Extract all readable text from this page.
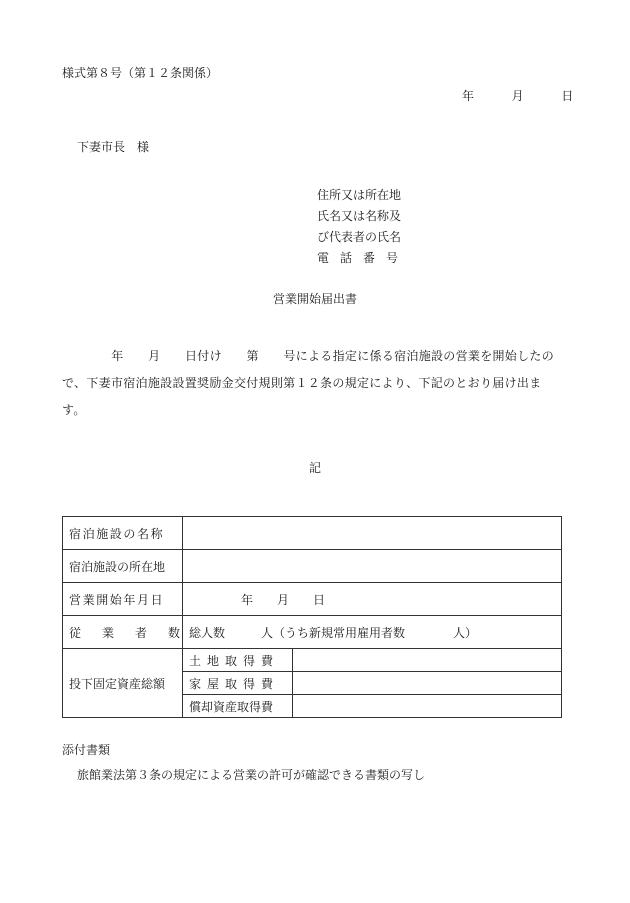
様式第８号（第１２条関係）
年	月	日
下妻市長　様
住所又は所在地
氏名又は名称及
び代表者の氏名
電 話 番 号
営業開始届出書
　　　　年　　月　　日付け　　第　　号による指定に係る宿泊施設の営業を開始したので、下妻市宿泊施設設置奨励金交付規則第１２条の規定により、下記のとおり届け出ます。
記
宿泊施設の名称		
宿泊施設の所在地		
営業開始年月日	年　　月　　日	
従業者数	総人数　　　人（うち新規常用雇用者数　　　　人）	
投下固定資産総額	土地取得費	
	家屋取得費	
	償却資産取得費	
添付書類
旅館業法第３条の規定による営業の許可が確認できる書類の写し
